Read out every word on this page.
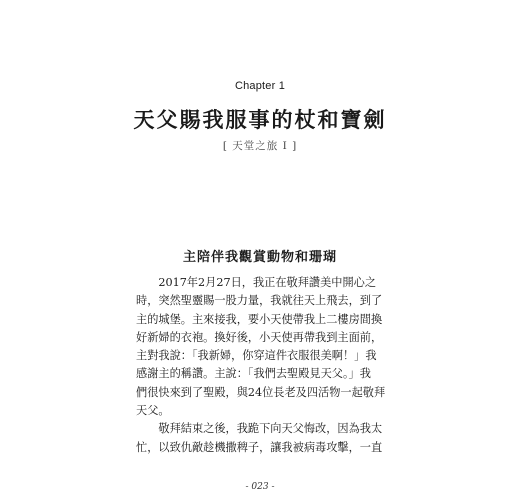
Chapter 1
天父賜我服事的杖和寶劍
[ 天堂之旅 I ]
主陪伴我觀賞動物和珊瑚
　　2017年2月27日，我正在敬拜讚美中開心之
時，突然聖靈賜一股力量，我就往天上飛去，到了
主的城堡。主來接我，要小天使帶我上二樓房間換
好新婦的衣袍。換好後，小天使再帶我到主面前，
主對我說：「我新婦，你穿這件衣服很美啊！」我
感謝主的稱讚。主說：「我們去聖殿見天父。」我
們很快來到了聖殿，與24位長老及四活物一起敬拜
天父。
　　敬拜結束之後，我跪下向天父悔改，因為我太
忙，以致仇敵趁機撒稗子，讓我被病毒攻擊，一直
- 023 -
